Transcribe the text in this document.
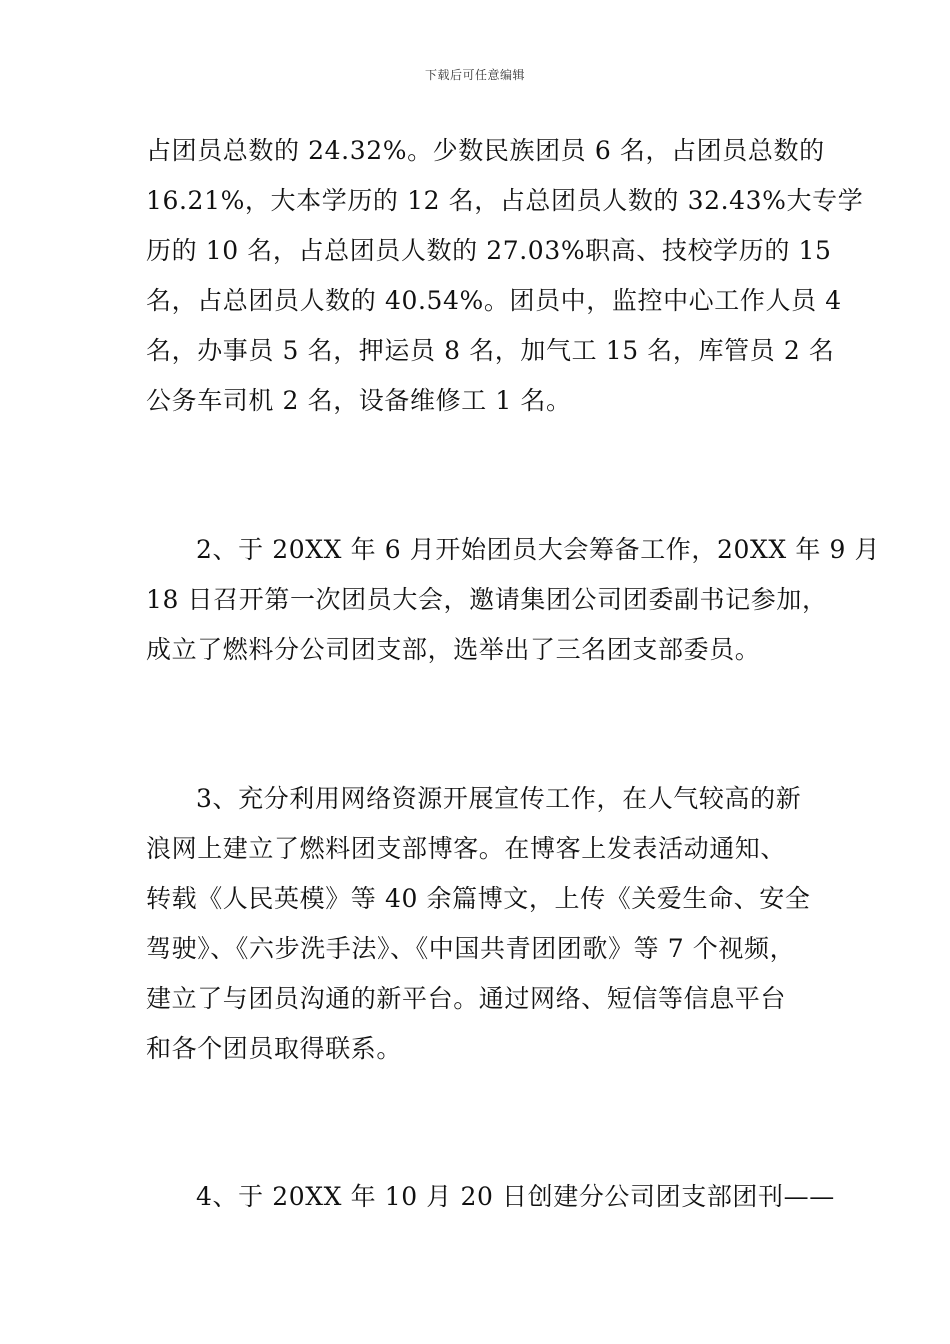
下载后可任意编辑
占团员总数的 24.32%。少数民族团员 6 名，占团员总数的
16.21%，大本学历的 12 名，占总团员人数的 32.43%大专学
历的 10 名，占总团员人数的 27.03%职高、技校学历的 15
名，占总团员人数的 40.54%。团员中，监控中心工作人员 4
名，办事员 5 名，押运员 8 名，加气工 15 名，库管员 2 名
公务车司机 2 名，设备维修工 1 名。
2、于 20XX 年 6 月开始团员大会筹备工作，20XX 年 9 月
18 日召开第一次团员大会，邀请集团公司团委副书记参加，
成立了燃料分公司团支部，选举出了三名团支部委员。
3、充分利用网络资源开展宣传工作，在人气较高的新
浪网上建立了燃料团支部博客。在博客上发表活动通知、
转载《人民英模》等 40 余篇博文，上传《关爱生命、安全
驾驶》、《六步洗手法》、《中国共青团团歌》等 7 个视频，
建立了与团员沟通的新平台。通过网络、短信等信息平台
和各个团员取得联系。
4、于 20XX 年 10 月 20 日创建分公司团支部团刊——
